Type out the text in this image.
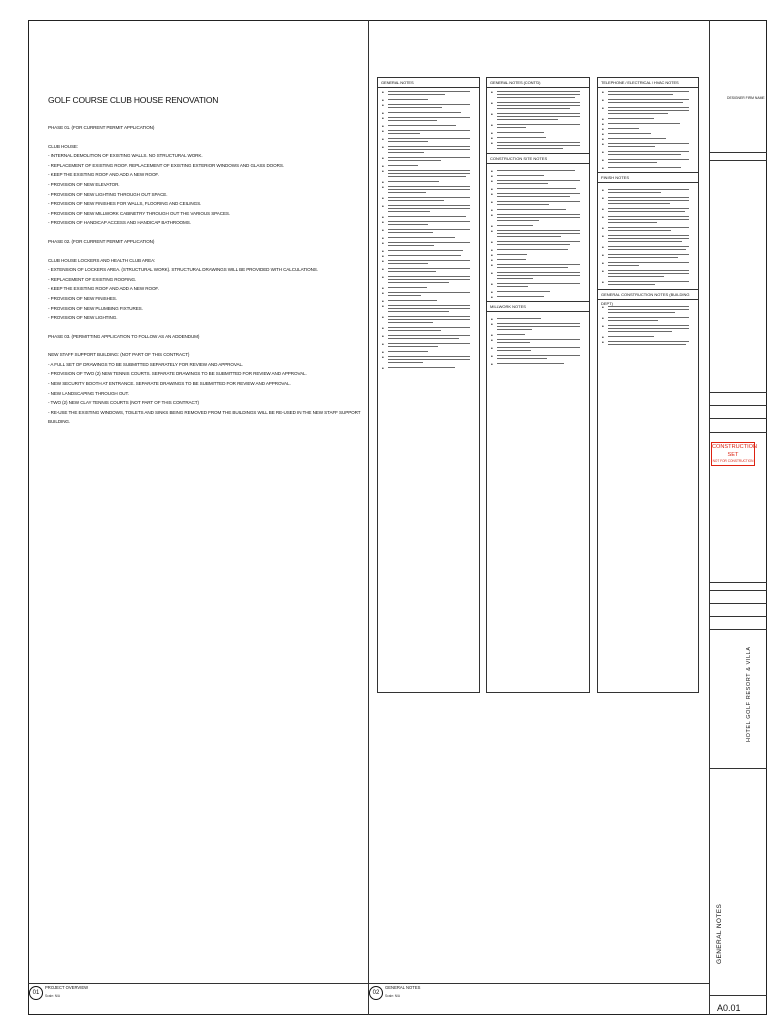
GOLF COURSE CLUB HOUSE RENOVATION
PHASE 01. (FOR CURRENT PERMIT APPLICATION)
CLUB HOUSE:
- INTERNAL DEMOLITION OF EXISTING WALLS. NO STRUCTURAL WORK.
- REPLACEMENT OF EXISTING ROOF. REPLACEMENT OF EXISTING EXTERIOR WINDOWS AND GLASS DOORS.
- KEEP THE EXISTING ROOF AND ADD A NEW ROOF.
- PROVISION OF NEW ELEVATOR.
- PROVISION OF NEW LIGHTING THROUGH OUT SPACE.
- PROVISION OF NEW FINISHES FOR WALLS, FLOORING AND CEILINGS.
- PROVISION OF NEW MILLWORK CABINETRY THROUGH OUT THE VARIOUS SPACES.
- PROVISION OF HANDICAP ACCESS AND HANDICAP BATHROOMS.
PHASE 02. (FOR CURRENT PERMIT APPLICATION)
CLUB HOUSE LOCKERS AND HEALTH CLUB AREA:
- EXTENSION OF LOCKERS AREA. (STRUCTURAL WORK). STRUCTURAL DRAWINGS WILL BE PROVIDED WITH CALCULATIONS.
- REPLACEMENT OF EXISTING ROOFING.
- KEEP THE EXISTING ROOF AND ADD A NEW ROOF.
- PROVISION OF NEW FINISHES.
- PROVISION OF NEW PLUMBING FIXTURES.
- PROVISION OF NEW LIGHTING.
PHASE 03. (PERMITTING APPLICATION TO FOLLOW AS AN ADDENDUM)
NEW STAFF SUPPORT BUILDING: (NOT PART OF THIS CONTRACT)
- A FULL SET OF DRAWINGS TO BE SUBMITTED SEPARATELY FOR REVIEW AND APPROVAL.
- PROVISION OF TWO (2) NEW TENNIS COURTS. SEPARATE DRAWINGS TO BE SUBMITTED FOR REVIEW AND APPROVAL.
- NEW SECURITY BOOTH AT ENTRANCE. SEPARATE DRAWINGS TO BE SUBMITTED FOR REVIEW AND APPROVAL.
- NEW LANDSCAPING THROUGH OUT.
- TWO (2) NEW CLAY TENNIS COURTS (NOT PART OF THIS CONTRACT)
- RE-USE THE EXISTING WINDOWS, TOILETS AND SINKS BEING REMOVED FROM THE BUILDINGS WILL BE RE-USED IN THE NEW STAFF SUPPORT
BUILDING.
GENERAL NOTES
•
•
•
•
•
•
•
•
•
•
•
•
•
•
•
•
•
•
•
•
•
•
•
•
•
•
•
•
•
•
•
•
•
•
•
•
•
GENERAL NOTES (CONT'D)
•
•
•
•
•
•
•
CONSTRUCTION SITE NOTES
•
•
•
•
•
•
•
•
•
•
•
•
•
•
•
•
•
•
•
MILLWORK NOTES
•
•
•
•
•
•
•
TELEPHONE / ELECTRICAL / HVAC NOTES
•
•
•
•
•
•
•
•
•
•
•
•
FINISH NOTES
•
•
•
•
•
•
•
•
•
•
•
GENERAL CONSTRUCTION NOTES (BUILDING DEPT)
•
•
•
•
•
DESIGNER FIRM NAME
CONSTRUCTION SET
NOT FOR CONSTRUCTION
HOTEL GOLF RESORT & VILLA
GENERAL NOTES
A0.01
01
PROJECT OVERVIEW
Scale: N/A	02
GENERAL NOTES
Scale: N/A
